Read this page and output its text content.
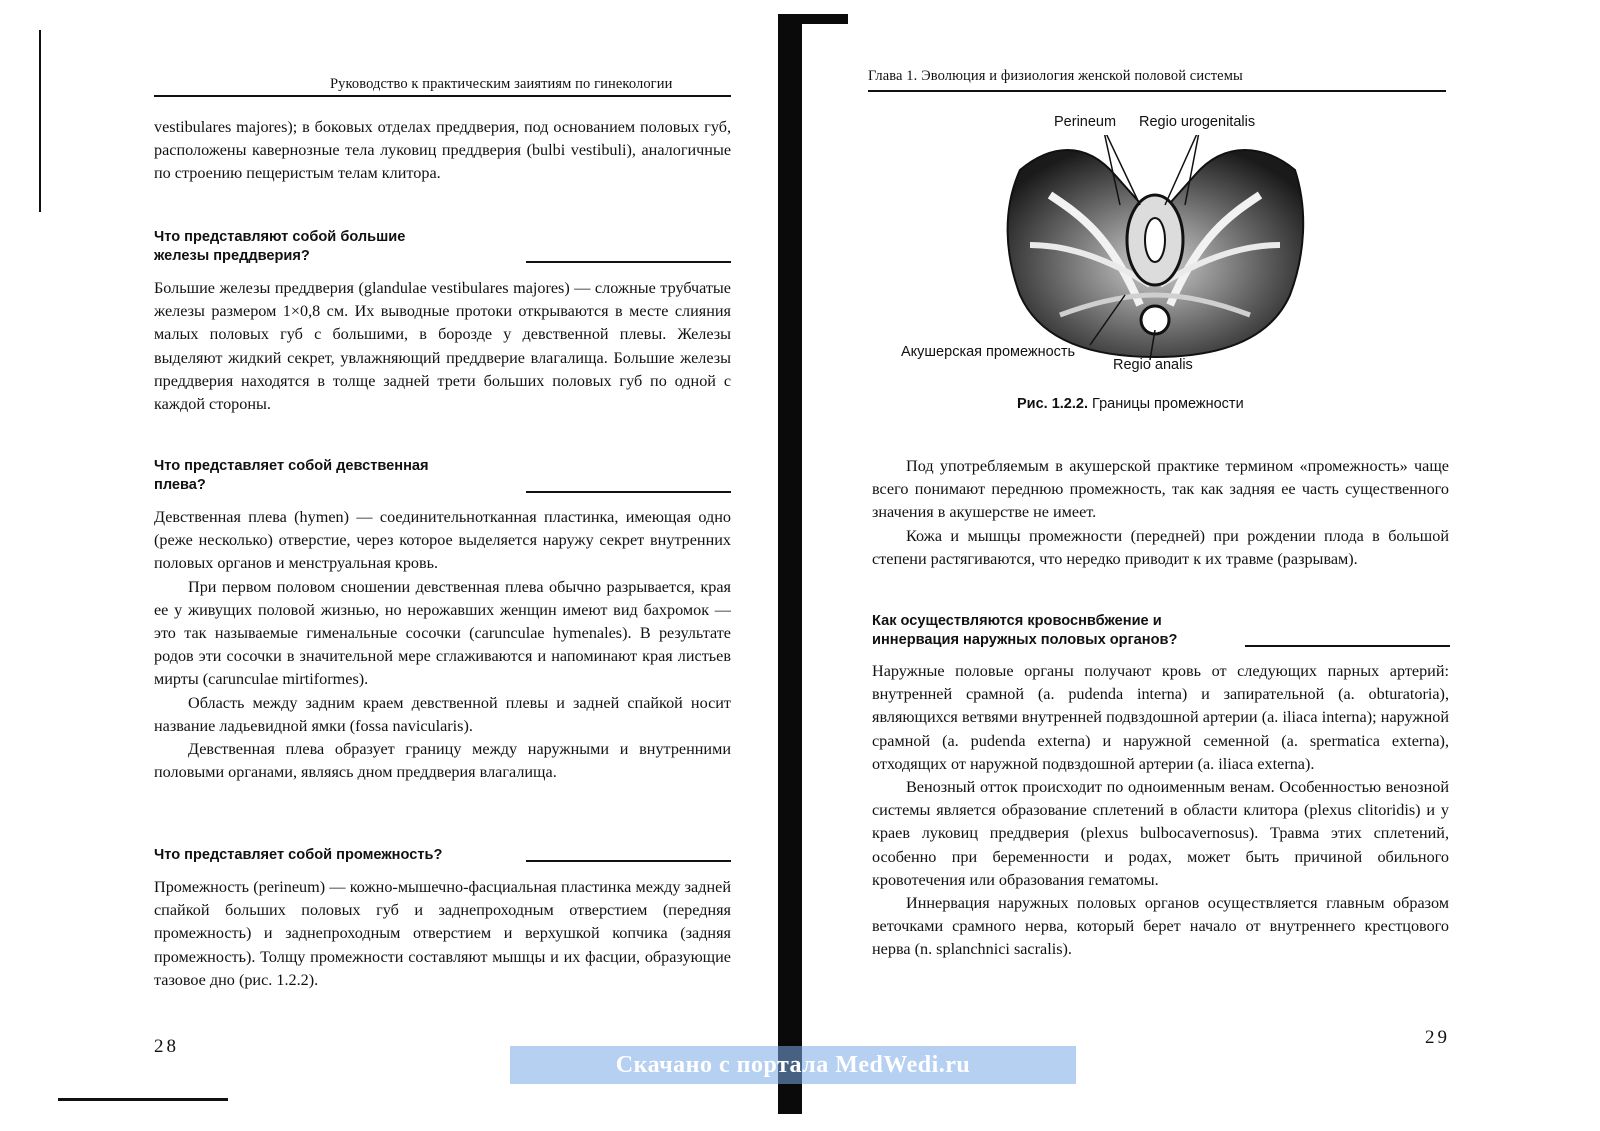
Руководство к практическим заиятиям по гинекологии

vestibulares majores); в боковых отделах преддверия, под основанием половых губ, расположены кавернозные тела луковиц преддверия (bulbi vestibuli), аналогичные по строению пещеристым телам клитора.

Что представляют собой большие
железы преддверия?

Большие железы преддверия (glandulae vestibulares majores) — сложные трубчатые железы размером 1×0,8 см. Их выводные протоки открываются в месте слияния малых половых губ с большими, в борозде у девственной плевы. Железы выделяют жидкий секрет, увлажняющий преддверие влагалища. Большие железы преддверия находятся в толще задней трети больших половых губ по одной с каждой стороны.

Что представляет собой девственная
плева?

Девственная плева (hymen) — соединительнотканная пластинка, имеющая одно (реже несколько) отверстие, через которое выделяется наружу секрет внутренних половых органов и менструальная кровь.

При первом половом сношении девственная плева обычно разрывается, края ее у живущих половой жизнью, но нерожавших женщин имеют вид бахромок — это так называемые гименальные сосочки (carunculae hymenales). В результате родов эти сосочки в значительной мере сглаживаются и напоминают края листьев мирты (carunculae mirtiformes).

Область между задним краем девственной плевы и задней спайкой носит название ладьевидной ямки (fossa navicularis).

Девственная плева образует границу между наружными и внутренними половыми органами, являясь дном преддверия влагалища.

Что представляет собой промежность?

Промежность (perineum) — кожно-мышечно-фасциальная пластинка между задней спайкой больших половых губ и заднепроходным отверстием (передняя промежность) и заднепроходным отверстием и верхушкой копчика (задняя промежность). Толщу промежности составляют мышцы и их фасции, образующие тазовое дно (рис. 1.2.2).

28
Глава 1. Эволюция и физиология женской половой системы
Perineum Regio urogenitalis
Акушерская промежность
Regio analis
Рис. 1.2.2. Границы промежности

Под употребляемым в акушерской практике термином «промежность» чаще всего понимают переднюю промежность, так как задняя ее часть существенного значения в акушерстве не имеет.

Кожа и мышцы промежности (передней) при рождении плода в большой степени растягиваются, что нередко приводит к их травме (разрывам).

Как осуществляются кровоснвбжение и
иннервация наружных половых органов?

Наружные половые органы получают кровь от следующих парных артерий: внутренней срамной (a. pudenda interna) и запирательной (a. obturatoria), являющихся ветвями внутренней подвздошной артерии (a. iliaca interna); наружной срамной (a. pudenda externa) и наружной семенной (a. spermatica externa), отходящих от наружной подвздошной артерии (a. iliaca externa).

Венозный отток происходит по одноименным венам. Особенностью венозной системы является образование сплетений в области клитора (plexus clitoridis) и у краев луковиц преддверия (plexus bulbocavernosus). Травма этих сплетений, особенно при беременности и родах, может быть причиной обильного кровотечения или образования гематомы.

Иннервация наружных половых органов осуществляется главным образом веточками срамного нерва, который берет начало от внутреннего крестцового нерва (n. splanchnici sacralis).

29
Скачано с портала MedWedi.ru
